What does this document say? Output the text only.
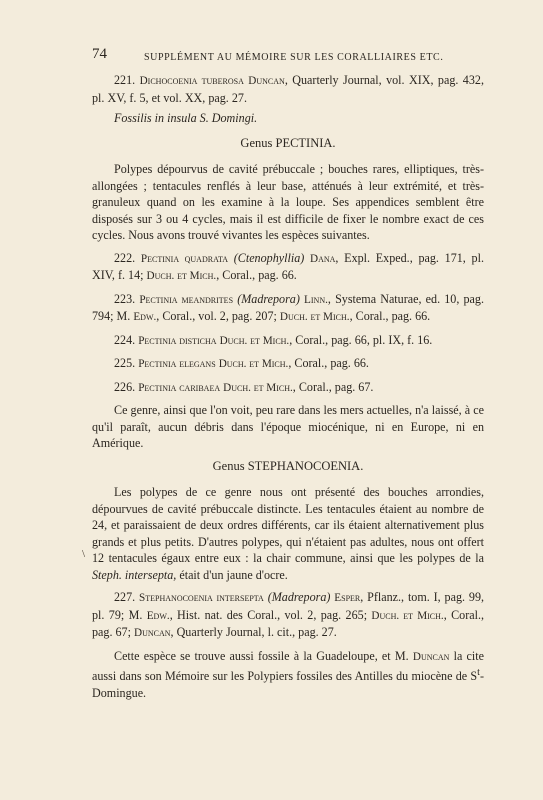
74	SUPPLÉMENT AU MÉMOIRE SUR LES CORALLIAIRES ETC.
\

221. Dichocoenia tuberosa Duncan, Quarterly Journal, vol. XIX, pag. 432, pl. XV, f. 5, et vol. XX, pag. 27.

Fossilis in insula S. Domingi.

Genus PECTINIA.

Polypes dépourvus de cavité prébuccale ; bouches rares, elliptiques, très-allongées ; tentacules renflés à leur base, atténués à leur extrémité, et très-granuleux quand on les examine à la loupe. Ses appendices semblent être disposés sur 3 ou 4 cycles, mais il est difficile de fixer le nombre exact de ces cycles. Nous avons trouvé vivantes les espèces suivantes.

222. Pectinia quadrata (Ctenophyllia) Dana, Expl. Exped., pag. 171, pl. XIV, f. 14; Duch. et Mich., Coral., pag. 66.

223. Pectinia meandrites (Madrepora) Linn., Systema Naturae, ed. 10, pag. 794; M. Edw., Coral., vol. 2, pag. 207; Duch. et Mich., Coral., pag. 66.

224. Pectinia disticha Duch. et Mich., Coral., pag. 66, pl. IX, f. 16.

225. Pectinia elegans Duch. et Mich., Coral., pag. 66.

226. Pectinia caribaea Duch. et Mich., Coral., pag. 67.

Ce genre, ainsi que l'on voit, peu rare dans les mers actuelles, n'a laissé, à ce qu'il paraît, aucun débris dans l'époque miocénique, ni en Europe, ni en Amérique.

Genus STEPHANOCOENIA.

Les polypes de ce genre nous ont présenté des bouches arrondies, dépourvues de cavité prébuccale distincte. Les tentacules étaient au nombre de 24, et paraissaient de deux ordres différents, car ils étaient alternativement plus grands et plus petits. D'autres polypes, qui n'étaient pas adultes, nous ont offert 12 tentacules égaux entre eux : la chair commune, ainsi que les polypes de la Steph. intersepta, était d'un jaune d'ocre.

227. Stephanocoenia intersepta (Madrepora) Esper, Pflanz., tom. I, pag. 99, pl. 79; M. Edw., Hist. nat. des Coral., vol. 2, pag. 265; Duch. et Mich., Coral., pag. 67; Duncan, Quarterly Journal, l. cit., pag. 27.

Cette espèce se trouve aussi fossile à la Guadeloupe, et M. Duncan la cite aussi dans son Mémoire sur les Polypiers fossiles des Antilles du miocène de $S^t$-Domingue.
